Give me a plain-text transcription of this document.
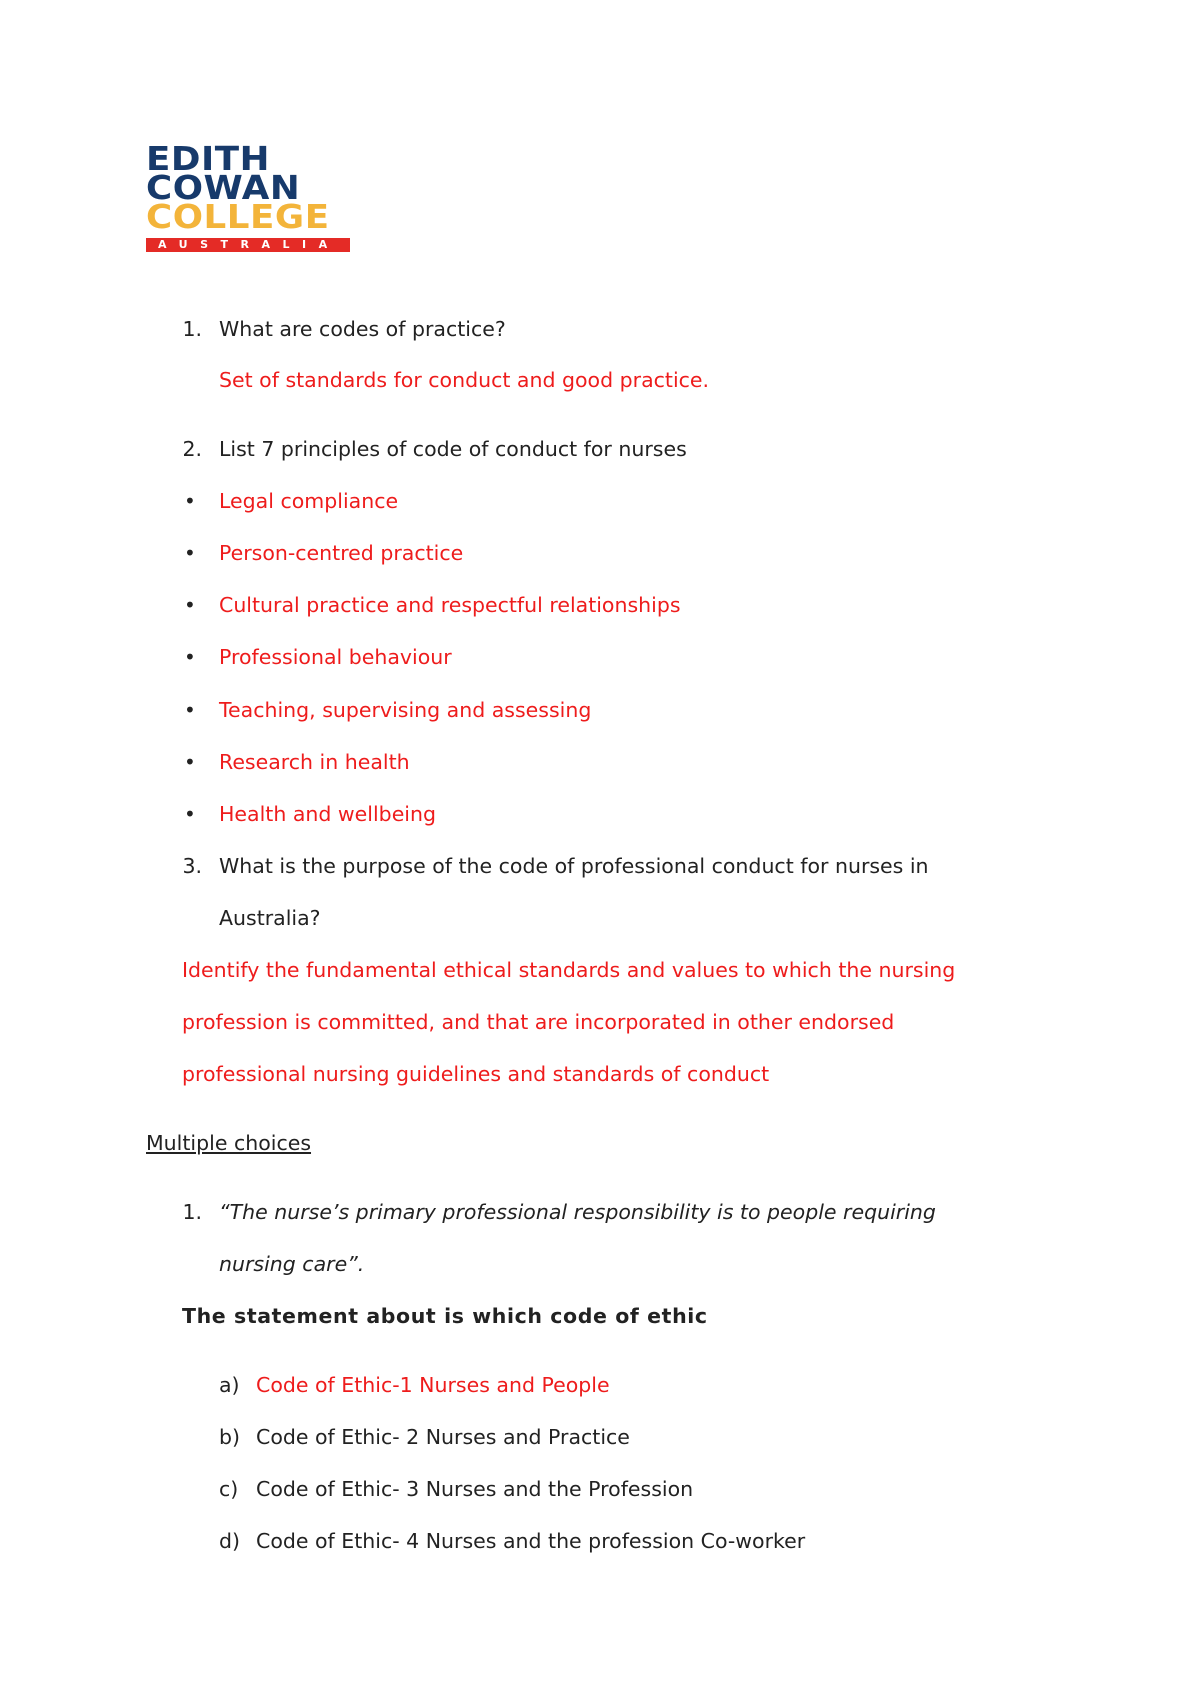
EDITH
COWAN
COLLEGE
AUSTRALIA
1. What are codes of practice?
Set of standards for conduct and good practice.
2. List 7 principles of code of conduct for nurses
• Legal compliance
• Person-centred practice
• Cultural practice and respectful relationships
• Professional behaviour
• Teaching, supervising and assessing
• Research in health
• Health and wellbeing
3. What is the purpose of the code of professional conduct for nurses in
Australia?
Identify the fundamental ethical standards and values to which the nursing
profession is committed, and that are incorporated in other endorsed
professional nursing guidelines and standards of conduct
Multiple choices
1. “The nurse’s primary professional responsibility is to people requiring
nursing care”.
The statement about is which code of ethic
a) Code of Ethic-1 Nurses and People
b) Code of Ethic- 2 Nurses and Practice
c) Code of Ethic- 3 Nurses and the Profession
d) Code of Ethic- 4 Nurses and the profession Co-worker
